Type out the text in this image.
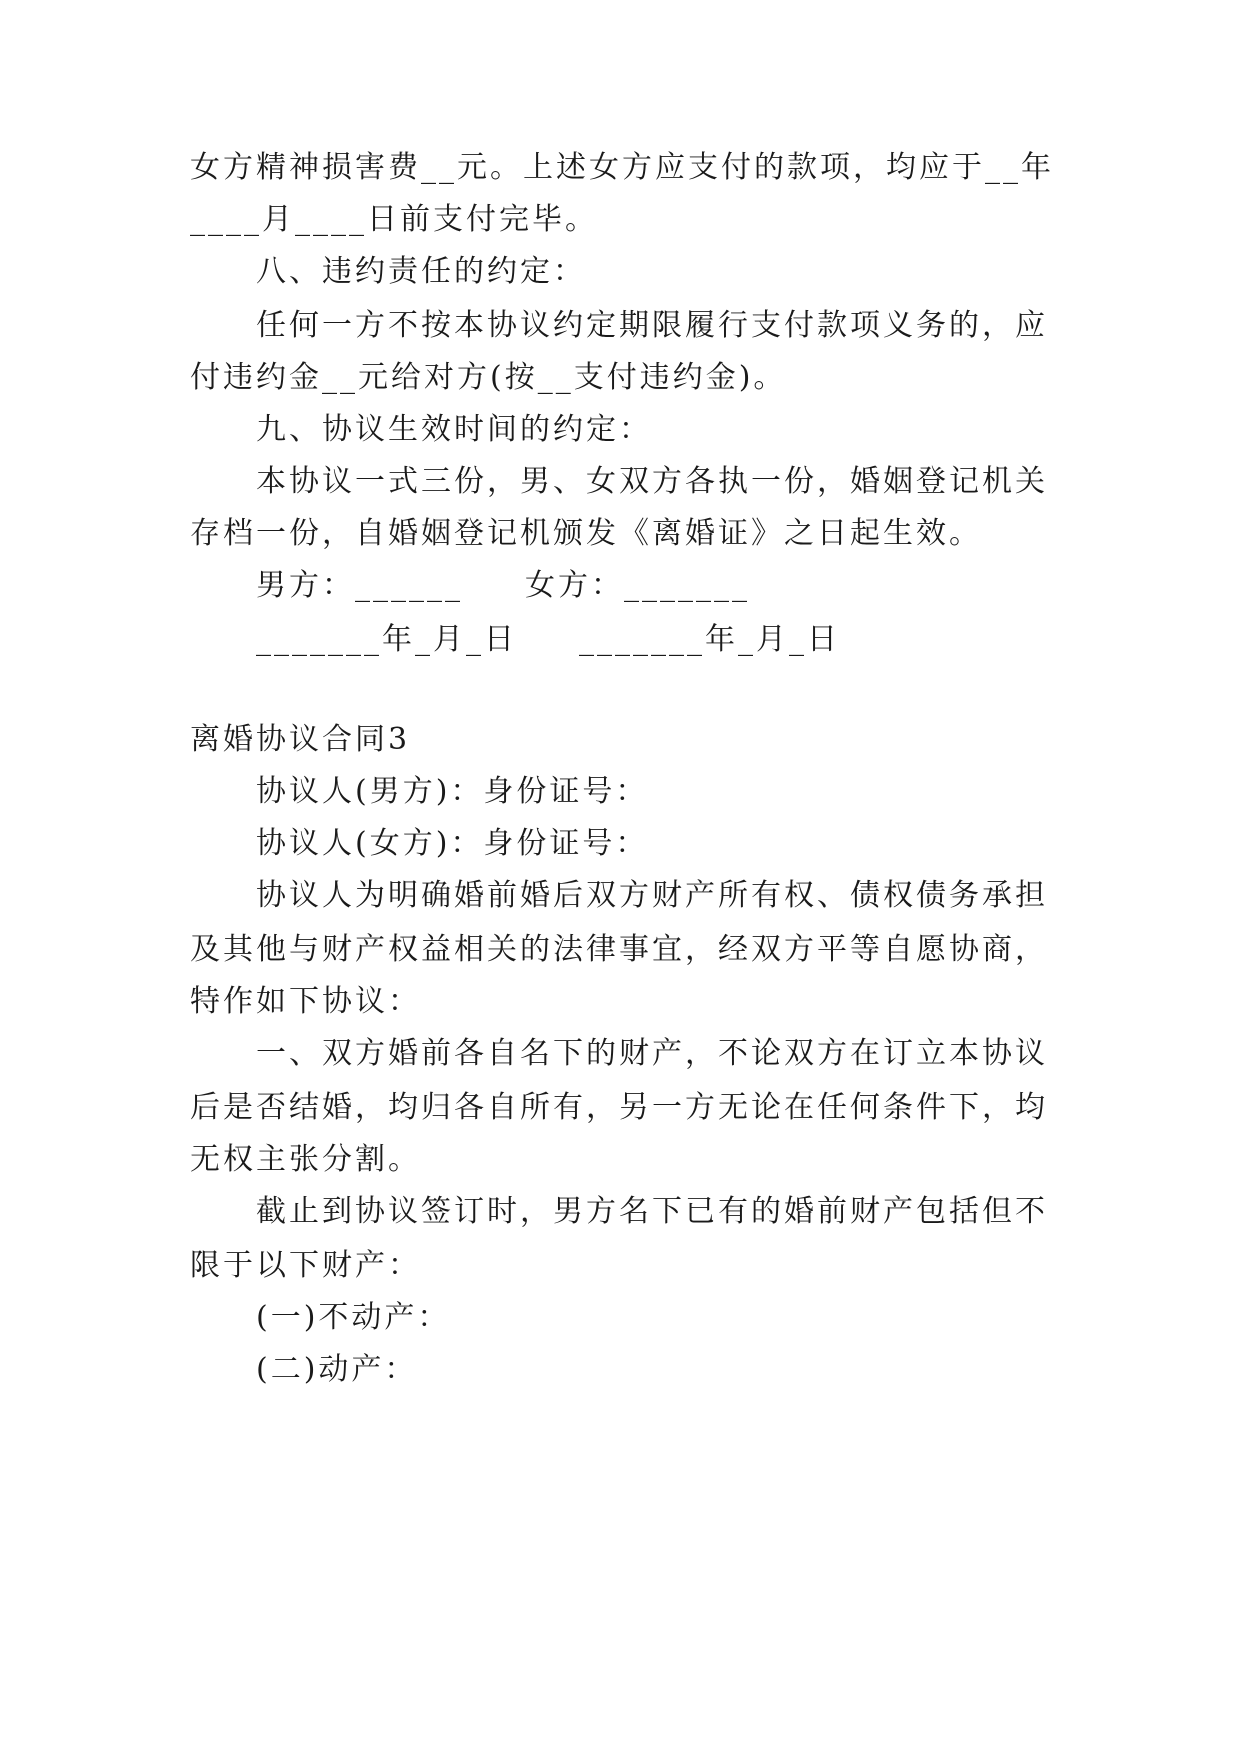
女方精神损害费__元。上述女方应支付的款项，均应于__年
____月____日前支付完毕。
八、违约责任的约定：
任何一方不按本协议约定期限履行支付款项义务的，应
付违约金__元给对方(按__支付违约金)。
九、协议生效时间的约定：
本协议一式三份，男、女双方各执一份，婚姻登记机关
存档一份，自婚姻登记机颁发《离婚证》之日起生效。
男方：______ 女方：_______
_______年_月_日 _______年_月_日
离婚协议合同3
协议人(男方)：身份证号：
协议人(女方)：身份证号：
协议人为明确婚前婚后双方财产所有权、债权债务承担
及其他与财产权益相关的法律事宜，经双方平等自愿协商，
特作如下协议：
一、双方婚前各自名下的财产，不论双方在订立本协议
后是否结婚，均归各自所有，另一方无论在任何条件下，均
无权主张分割。
截止到协议签订时，男方名下已有的婚前财产包括但不
限于以下财产：
(一)不动产：
(二)动产：
